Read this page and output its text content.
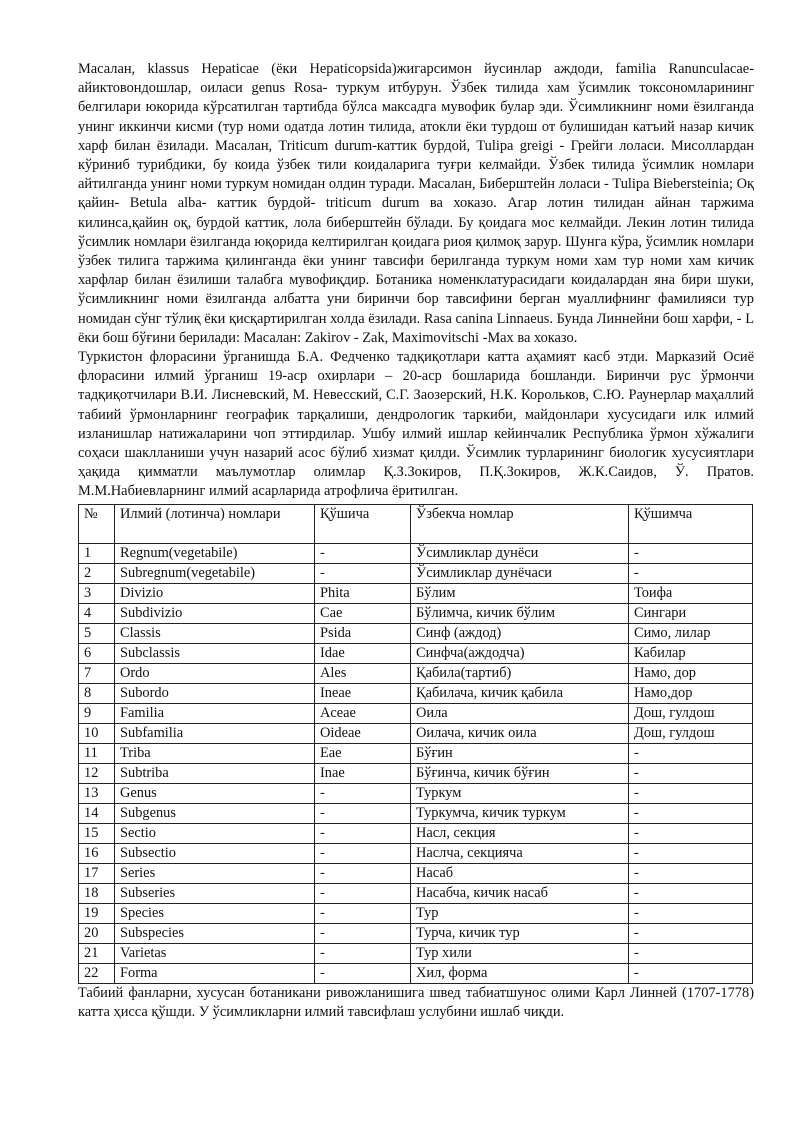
Масалан, klassus Hepaticae (ёки Hepaticopsida)жигарсимон йусинлар аждоди, familia Ranunculacae-айиктовондошлар, оиласи genus Rosa- туркум итбурун. Ўзбек тилида хам ўсимлик токсономларининг белгилари юкорида кўрсатилган тартибда бўлса максадга мувофик булар эди. Ўсимликнинг номи ёзилганда унинг иккинчи кисми (тур номи одатда лотин тилида, атокли ёки турдош от булишидан катъий назар кичик харф билан ёзилади. Масалан, Triticum durum-каттик бурдой, Tulipa greigi - Грейги лоласи. Мисоллардан кўриниб турибдики, бу коида ўзбек тили коидаларига туғри келмайди. Ўзбек тилида ўсимлик номлари айтилганда унинг номи туркум номидан олдин туради. Масалан, Биберштейн лоласи - Tulipa Bieberstеinia; Оқ қайин- Betula alba- каттик бурдой- triticum durum ва хоказо. Агар лотин тилидан айнан таржима килинса,қайин оқ, бурдой каттик, лола биберштейн бўлади. Бу қоидага мос келмайди. Лекин лотин тилида ўсимлик номлари ёзилганда юқорида келтирилган қоидага риоя қилмоқ зарур. Шунга кўра, ўсимлик номлари ўзбек тилига таржима қилинганда ёки унинг тавсифи берилганда туркум номи хам тур номи хам кичик харфлар билан ёзилиши талабга мувофиқдир. Ботаника номенклатурасидаги коидалардан яна бири шуки, ўсимликнинг номи ёзилганда албатта уни биринчи бор тавсифини берган муаллифнинг фамилияси тур номидан сўнг тўлиқ ёки қисқартирилган холда ёзилади. Rasa canina Linnaeus. Бунда Линнейни бош харфи, - L ёки бош бўғини берилади: Масалан: Zakirov - Zak, Maximovitschi -Max ва хоказо.

Туркистон флорасини ўрганишда Б.А. Федченко тадқиқотлари катта аҳамият касб этди. Марказий Осиё флорасини илмий ўрганиш 19-аср охирлари – 20-аср бошларида бошланди. Биринчи рус ўрмончи тадқиқотчилари В.И. Лисневский, М. Невесский, С.Г. Заозерский, Н.К. Корольков, С.Ю. Раунерлар маҳаллий табиий ўрмонларнинг географик тарқалиши, дендрологик таркиби, майдонлари хусусидаги илк илмий изланишлар натижаларини чоп эттирдилар. Ушбу илмий ишлар кейинчалик Республика ўрмон хўжалиги соҳаси шаклланиши учун назарий асос бўлиб хизмат қилди. Ўсимлик турларининг биологик хусусиятлари ҳақида қимматли маълумотлар олимлар Қ.З.Зокиров, П.Қ.Зокиров, Ж.К.Саидов, Ў. Пратов. М.М.Набиевларнинг илмий асарларида атрофлича ёритилган.

№	Илмий (лотинча) номлари	Қўшича	Ўзбекча номлар	Қўшимча
1	Regnum(vegetabile)	-	Ўсимликлар дунёси	-
2	Subregnum(vegetabile)	-	Ўсимликлар дунёчаси	-
3	Divizio	Phita	Бўлим	Тоифа
4	Subdivizio	Cae	Бўлимча, кичик бўлим	Сингари
5	Classis	Psida	Синф (аждод)	Симо, лилар
6	Subclassis	Idae	Синфча(аждодча)	Кабилар
7	Ordo	Ales	Қабила(тартиб)	Намо, дор
8	Subordo	Ineae	Қабилача, кичик қабила	Намо,дор
9	Familia	Aceae	Оила	Дош, гулдош
10	Subfamilia	Oideae	Оилача, кичик оила	Дош, гулдош
11	Triba	Eae	Бўғин	-
12	Subtriba	Inae	Бўғинча, кичик бўғин	-
13	Genus	-	Туркум	-
14	Subgenus	-	Туркумча, кичик туркум	-
15	Sectio	-	Насл, секция	-
16	Subsectio	-	Наслча, секцияча	-
17	Series	-	Насаб	-
18	Subseries	-	Насабча, кичик насаб	-
19	Species	-	Тур	-
20	Subspecies	-	Турча, кичик тур	-
21	Varietas	-	Тур хили	-
22	Forma	-	Хил, форма	-

Табиий фанларни, хусусан ботаникани ривожланишига швед табиатшунос олими Карл Линней (1707-1778) катта ҳисса қўшди. У ўсимликларни илмий тавсифлаш услубини ишлаб чиқди.
